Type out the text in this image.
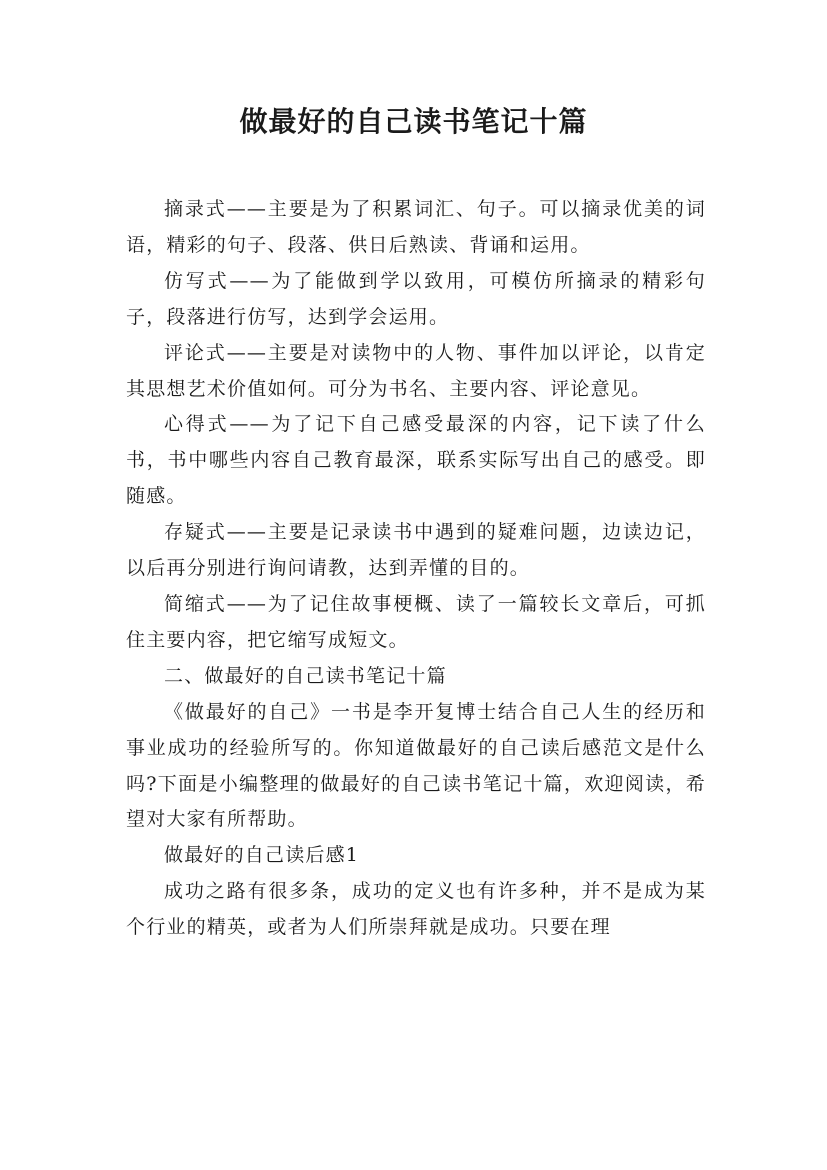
做最好的自己读书笔记十篇

摘录式——主要是为了积累词汇、句子。可以摘录优美的词语，精彩的句子、段落、供日后熟读、背诵和运用。

仿写式——为了能做到学以致用，可模仿所摘录的精彩句子，段落进行仿写，达到学会运用。

评论式——主要是对读物中的人物、事件加以评论，以肯定其思想艺术价值如何。可分为书名、主要内容、评论意见。

心得式——为了记下自己感受最深的内容，记下读了什么书，书中哪些内容自己教育最深，联系实际写出自己的感受。即随感。

存疑式——主要是记录读书中遇到的疑难问题，边读边记，以后再分别进行询问请教，达到弄懂的目的。

简缩式——为了记住故事梗概、读了一篇较长文章后，可抓住主要内容，把它缩写成短文。

二、做最好的自己读书笔记十篇

《做最好的自己》一书是李开复博士结合自己人生的经历和事业成功的经验所写的。你知道做最好的自己读后感范文是什么吗?下面是小编整理的做最好的自己读书笔记十篇，欢迎阅读，希望对大家有所帮助。

做最好的自己读后感1

成功之路有很多条，成功的定义也有许多种，并不是成为某个行业的精英，或者为人们所崇拜就是成功。只要在理
